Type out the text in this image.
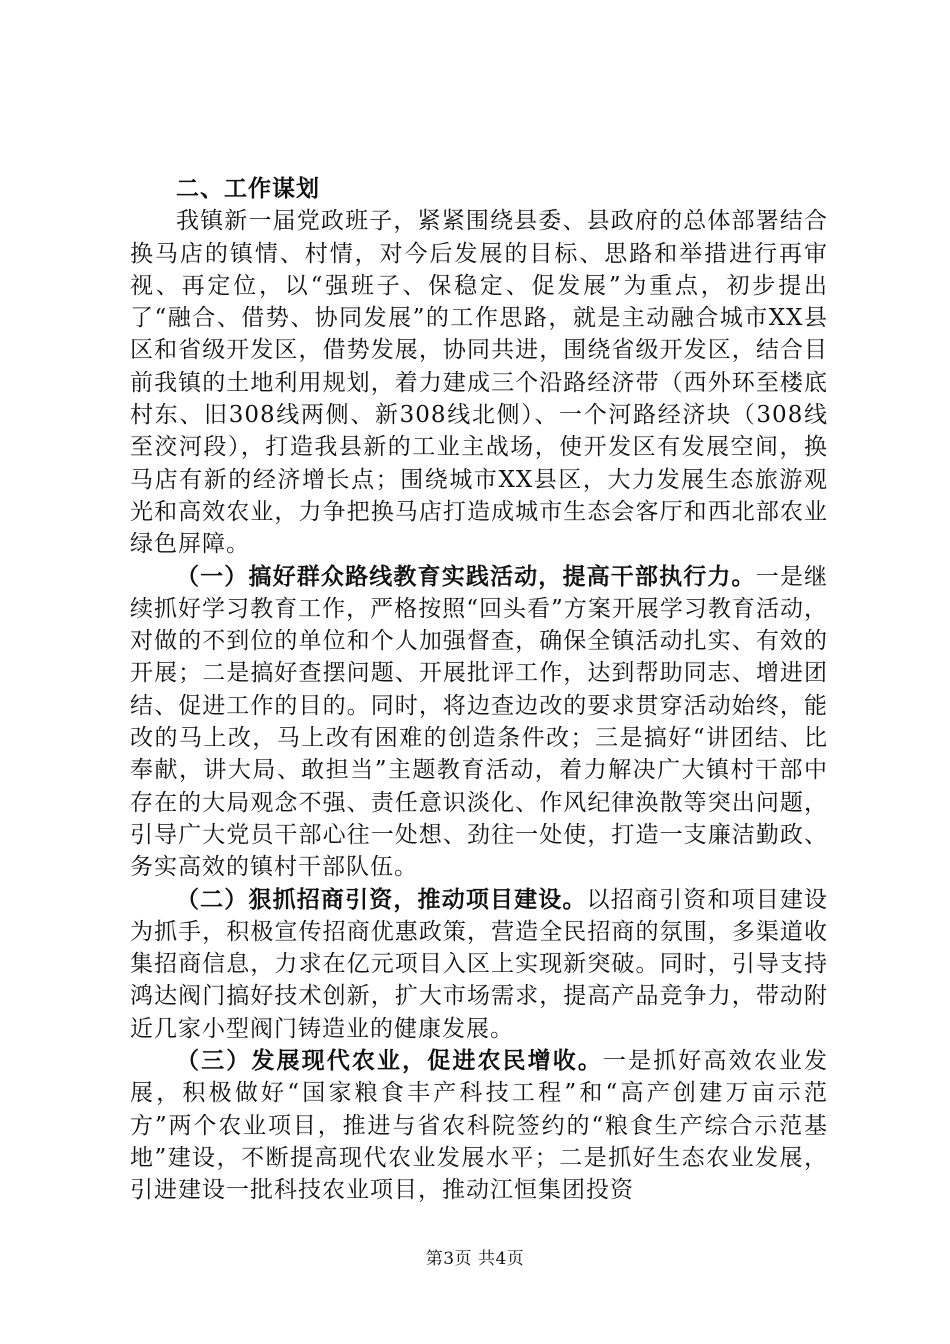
二、工作谋划

我镇新一届党政班子，紧紧围绕县委、县政府的总体部署结合换马店的镇情、村情，对今后发展的目标、思路和举措进行再审视、再定位，以“强班子、保稳定、促发展”为重点，初步提出了“融合、借势、协同发展”的工作思路，就是主动融合城市XX县区和省级开发区，借势发展，协同共进，围绕省级开发区，结合目前我镇的土地利用规划，着力建成三个沿路经济带（西外环至楼底村东、旧308线两侧、新308线北侧）、一个河路经济块（308线至洨河段），打造我县新的工业主战场，使开发区有发展空间，换马店有新的经济增长点；围绕城市XX县区，大力发展生态旅游观光和高效农业，力争把换马店打造成城市生态会客厅和西北部农业绿色屏障。

（一）搞好群众路线教育实践活动，提高干部执行力。一是继续抓好学习教育工作，严格按照“回头看”方案开展学习教育活动，对做的不到位的单位和个人加强督查，确保全镇活动扎实、有效的开展；二是搞好查摆问题、开展批评工作，达到帮助同志、增进团结、促进工作的目的。同时，将边查边改的要求贯穿活动始终，能改的马上改，马上改有困难的创造条件改；三是搞好“讲团结、比奉献，讲大局、敢担当”主题教育活动，着力解决广大镇村干部中存在的大局观念不强、责任意识淡化、作风纪律涣散等突出问题，引导广大党员干部心往一处想、劲往一处使，打造一支廉洁勤政、务实高效的镇村干部队伍。

（二）狠抓招商引资，推动项目建设。以招商引资和项目建设为抓手，积极宣传招商优惠政策，营造全民招商的氛围，多渠道收集招商信息，力求在亿元项目入区上实现新突破。同时，引导支持鸿达阀门搞好技术创新，扩大市场需求，提高产品竞争力，带动附近几家小型阀门铸造业的健康发展。

（三）发展现代农业，促进农民增收。一是抓好高效农业发展，积极做好“国家粮食丰产科技工程”和“高产创建万亩示范方”两个农业项目，推进与省农科院签约的“粮食生产综合示范基地”建设，不断提高现代农业发展水平；二是抓好生态农业发展，引进建设一批科技农业项目，推动江恒集团投资

第3页 共4页
